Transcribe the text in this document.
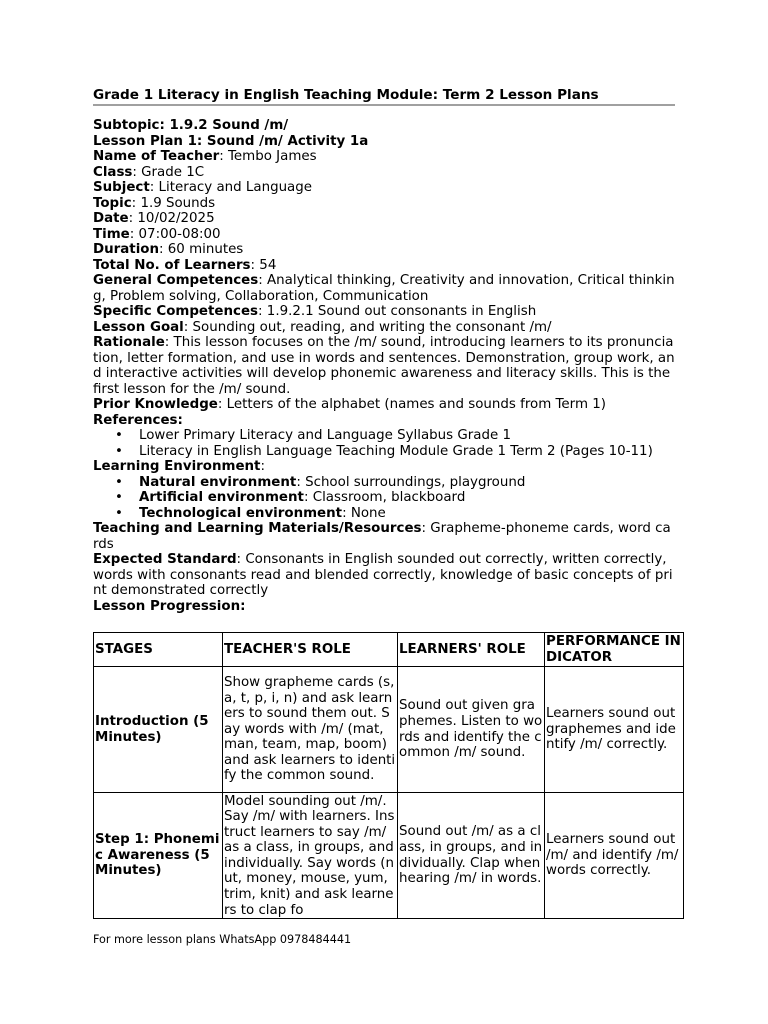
Grade 1 Literacy in English Teaching Module: Term 2 Lesson Plans

Subtopic: 1.9.2 Sound /m/

Lesson Plan 1: Sound /m/ Activity 1a

Name of Teacher: Tembo James

Class: Grade 1C

Subject: Literacy and Language

Topic: 1.9 Sounds

Date: 10/02/2025

Time: 07:00-08:00

Duration: 60 minutes

Total No. of Learners: 54

General Competences: Analytical thinking, Creativity and innovation, Critical thinking, Problem solving, Collaboration, Communication

Specific Competences: 1.9.2.1 Sound out consonants in English

Lesson Goal: Sounding out, reading, and writing the consonant /m/

Rationale: This lesson focuses on the /m/ sound, introducing learners to its pronunciation, letter formation, and use in words and sentences. Demonstration, group work, and interactive activities will develop phonemic awareness and literacy skills. This is the first lesson for the /m/ sound.

Prior Knowledge: Letters of the alphabet (names and sounds from Term 1)

References:

• Lower Primary Literacy and Language Syllabus Grade 1
• Literacy in English Language Teaching Module Grade 1 Term 2 (Pages 10-11)

Learning Environment:

• Natural environment: School surroundings, playground
• Artificial environment: Classroom, blackboard
• Technological environment: None

Teaching and Learning Materials/Resources: Grapheme-phoneme cards, word cards

Expected Standard: Consonants in English sounded out correctly, written correctly, words with consonants read and blended correctly, knowledge of basic concepts of print demonstrated correctly

Lesson Progression:

STAGES	TEACHER'S ROLE	LEARNERS' ROLE	PERFORMANCE INDICATOR
Introduction (5 Minutes)	Show grapheme cards (s, a, t, p, i, n) and ask learners to sound them out. Say words with /m/ (mat, man, team, map, boom) and ask learners to identify the common sound.	Sound out given graphemes. Listen to words and identify the common /m/ sound.	Learners sound out graphemes and identify /m/ correctly.
Step 1: Phonemic Awareness (5 Minutes)	Model sounding out /m/. Say /m/ with learners. Instruct learners to say /m/ as a class, in groups, and individually. Say words (nut, money, mouse, yum, trim, knit) and ask learners to clap fo	Sound out /m/ as a class, in groups, and individually. Clap when hearing /m/ in words.	Learners sound out /m/ and identify /m/ words correctly.
For more lesson plans WhatsApp 0978484441
